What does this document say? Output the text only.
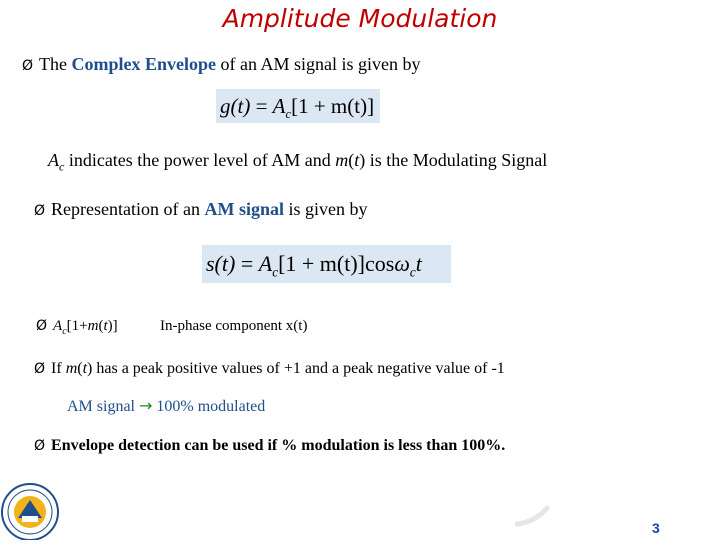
Amplitude Modulation
Ø The Complex Envelope of an AM signal is given by
$g(t) = A_c[1 + m(t)]$
$A_c$ indicates the power level of AM and m(t) is the Modulating Signal
Ø Representation of an AM signal is given by
$s(t) = A_c[1 + m(t)]\cos\omega_ct$
Ø $A_c[1+m(t)]$	In-phase component x(t)
Ø If m(t) has a peak positive values of +1 and a peak negative value of -1
AM signal → 100% modulated
Ø Envelope detection can be used if % modulation is less than 100%.
·	3
